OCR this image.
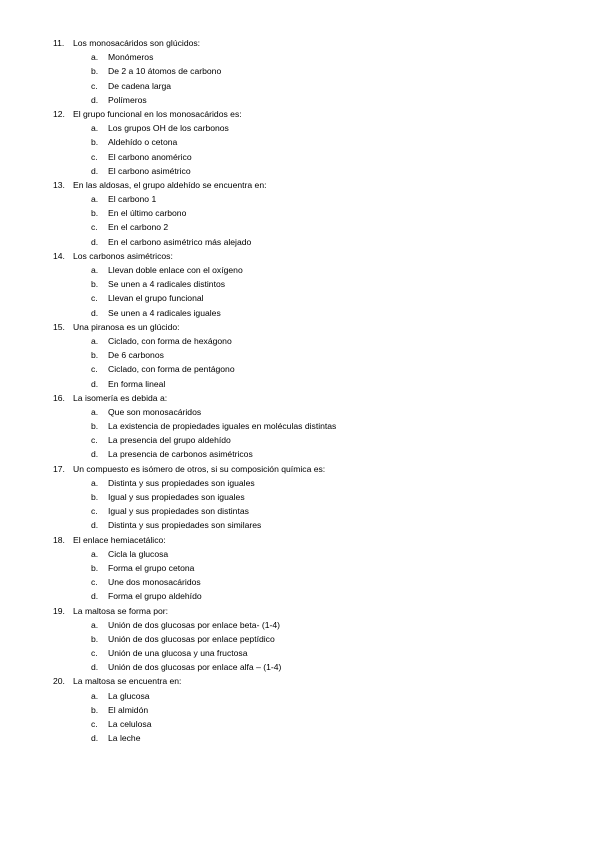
11.	Los monosacáridos son glúcidos:
a.	Monómeros
b.	De 2 a 10 átomos de carbono
c.	De cadena larga
d.	Polímeros
12. El grupo funcional en los monosacáridos es:
a.	Los grupos OH de los carbonos
b.	Aldehído o cetona
c.	El carbono anomérico
d.	El carbono asimétrico
13. En las aldosas, el grupo aldehído se encuentra en:
a.	El carbono 1
b.	En el último carbono
c.	En el carbono 2
d.	En el carbono asimétrico más alejado
14. Los carbonos asimétricos:
a.	Llevan doble enlace con el oxígeno
b.	Se unen a 4 radicales distintos
c.	Llevan el grupo funcional
d.	Se unen a 4 radicales iguales
15. Una piranosa es un glúcido:
a.	Ciclado, con forma de hexágono
b.	De 6 carbonos
c.	Ciclado, con forma de pentágono
d.	En forma lineal
16. La isomería es debida a:
a.	Que son monosacáridos
b.	La existencia de propiedades iguales en moléculas distintas
c.	La presencia del grupo aldehído
d.	La presencia de carbonos asimétricos
17. Un compuesto es isómero de otros, si su composición química es:
a.	Distinta y sus propiedades son iguales
b.	Igual y sus propiedades son iguales
c.	Igual y sus propiedades son distintas
d.	Distinta y sus propiedades son similares
18. El enlace hemiacetálico:
a.	Cicla la glucosa
b.	Forma el grupo cetona
c.	Une dos monosacáridos
d.	Forma el grupo aldehído
19. La maltosa se forma por:
a.	Unión de dos glucosas por enlace beta- (1-4)
b.	Unión de dos glucosas por enlace peptídico
c.	Unión de una glucosa y una fructosa
d.	Unión de dos glucosas por enlace alfa – (1-4)
20. La maltosa se encuentra en:
a.	La glucosa
b.	El almidón
c.	La celulosa
d.	La leche
